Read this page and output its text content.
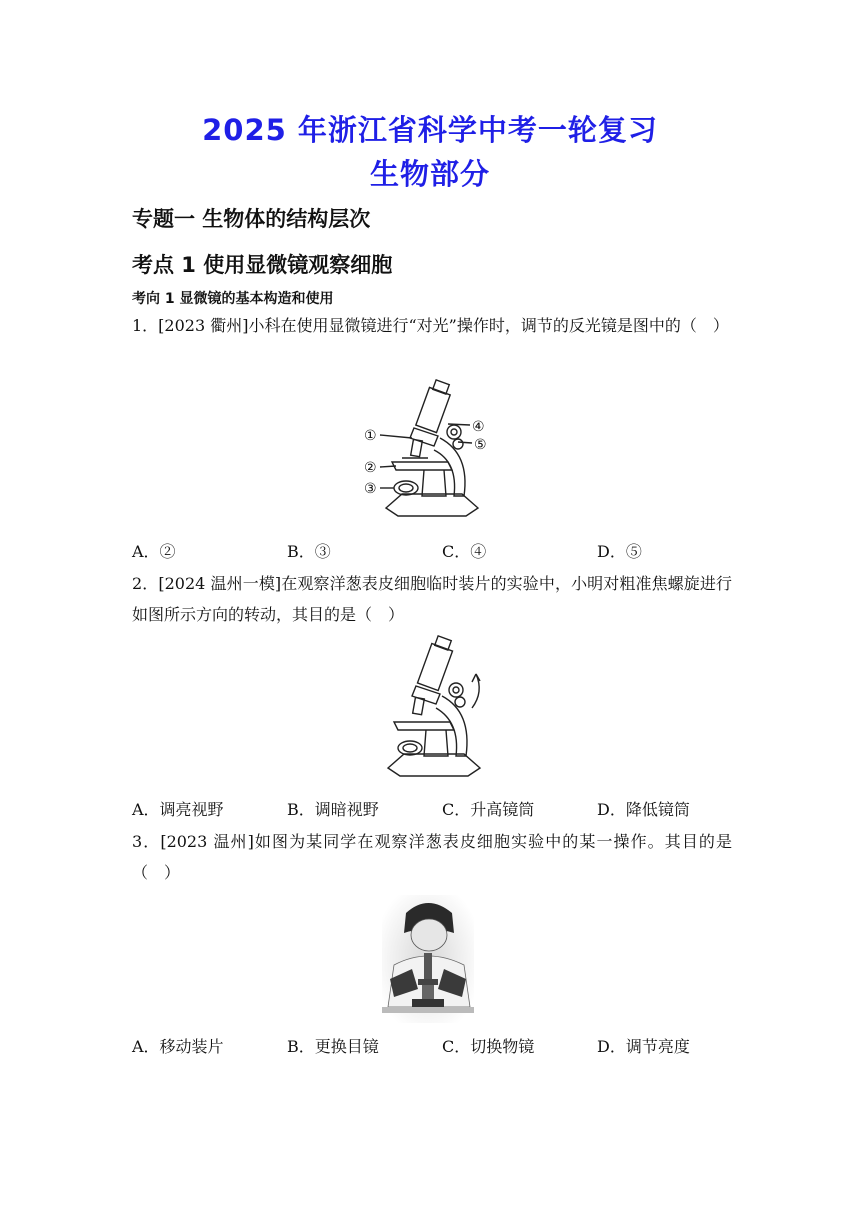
2025 年浙江省科学中考一轮复习
生物部分
专题一 生物体的结构层次
考点 1 使用显微镜观察细胞
考向 1 显微镜的基本构造和使用
1．[2023 衢州]小科在使用显微镜进行“对光”操作时，调节的反光镜是图中的（　）
①
②
③
④
⑤
A．②	B．③	C．④	D．⑤
2．[2024 温州一模]在观察洋葱表皮细胞临时装片的实验中，小明对粗准焦螺旋进行如图所示方向的转动，其目的是（　）
A．调亮视野	B．调暗视野	C．升高镜筒	D．降低镜筒
3．[2023 温州]如图为某同学在观察洋葱表皮细胞实验中的某一操作。其目的是（　）
A．移动装片	B．更换目镜	C．切换物镜	D．调节亮度
